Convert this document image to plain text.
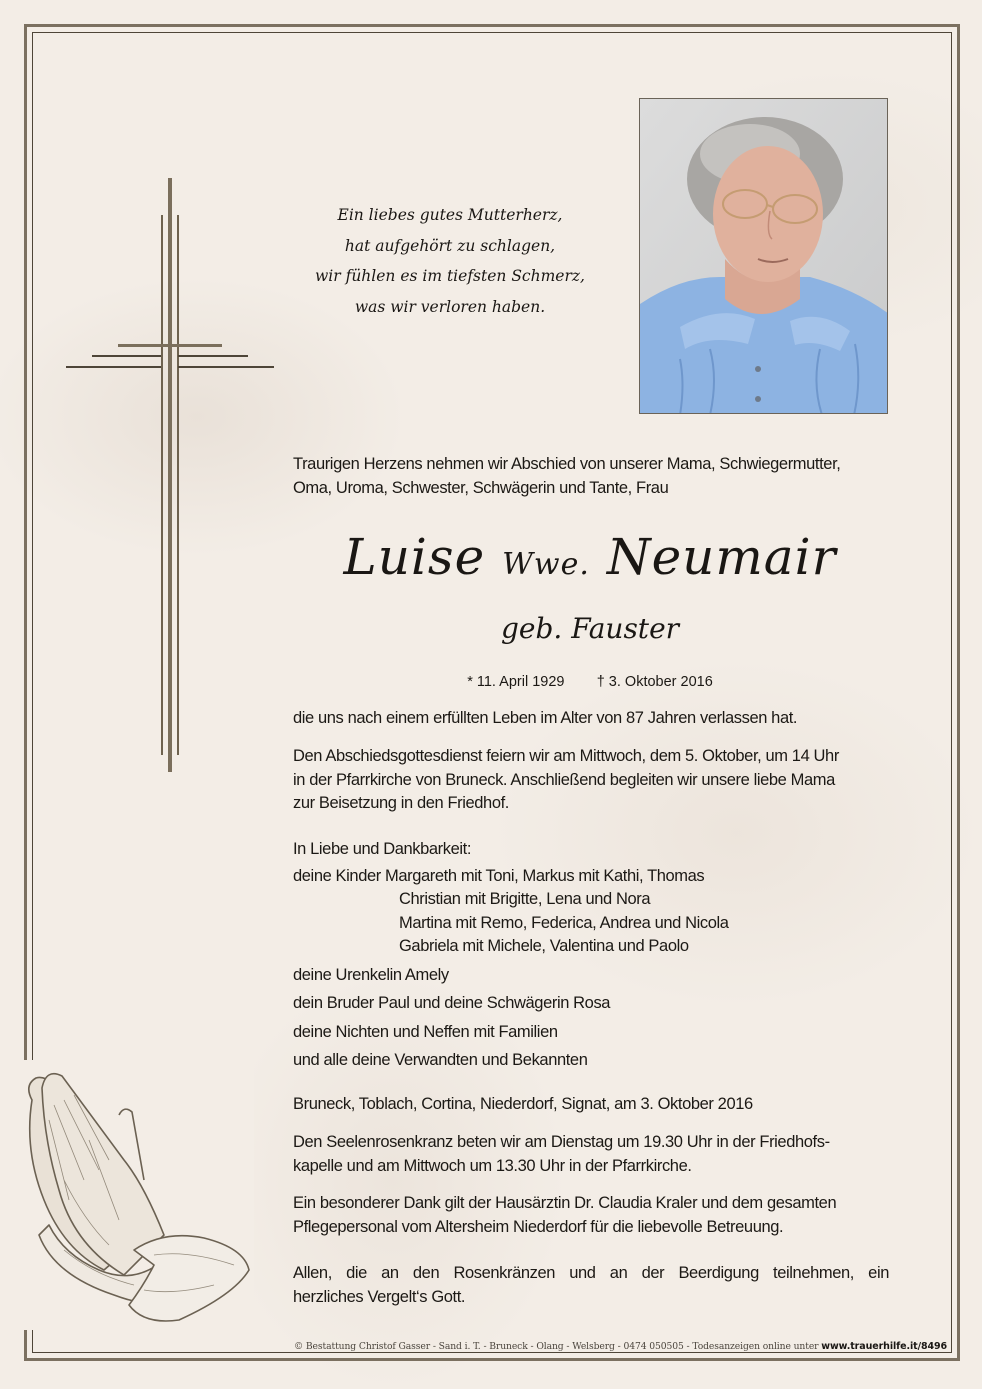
Ein liebes gutes Mutterherz,
hat aufgehört zu schlagen,
wir fühlen es im tiefsten Schmerz,
was wir verloren haben.
Traurigen Herzens nehmen wir Abschied von unserer Mama, Schwiegermutter,
Oma, Uroma, Schwester, Schwägerin und Tante, Frau
Luise Wwe. Neumair
geb. Fauster
* 11. April 1929 † 3. Oktober 2016
die uns nach einem erfüllten Leben im Alter von 87 Jahren verlassen hat.
Den Abschiedsgottesdienst feiern wir am Mittwoch, dem 5. Oktober, um 14 Uhr
in der Pfarrkirche von Bruneck. Anschließend begleiten wir unsere liebe Mama
zur Beisetzung in den Friedhof.
In Liebe und Dankbarkeit:
deine Kinder Margareth mit Toni, Markus mit Kathi, Thomas
Christian mit Brigitte, Lena und Nora
Martina mit Remo, Federica, Andrea und Nicola
Gabriela mit Michele, Valentina und Paolo
deine Urenkelin Amely
dein Bruder Paul und deine Schwägerin Rosa
deine Nichten und Neffen mit Familien
und alle deine Verwandten und Bekannten
Bruneck, Toblach, Cortina, Niederdorf, Signat, am 3. Oktober 2016
Den Seelenrosenkranz beten wir am Dienstag um 19.30 Uhr in der Friedhofs-
kapelle und am Mittwoch um 13.30 Uhr in der Pfarrkirche.
Ein besonderer Dank gilt der Hausärztin Dr. Claudia Kraler und dem gesamten
Pflegepersonal vom Altersheim Niederdorf für die liebevolle Betreuung.
Allen, die an den Rosenkränzen und an der Beerdigung teilnehmen, ein
herzliches Vergelt‘s Gott.
© Bestattung Christof Gasser - Sand i. T. - Bruneck - Olang - Welsberg - 0474 050505 - Todesanzeigen online unter www.trauerhilfe.it/8496
